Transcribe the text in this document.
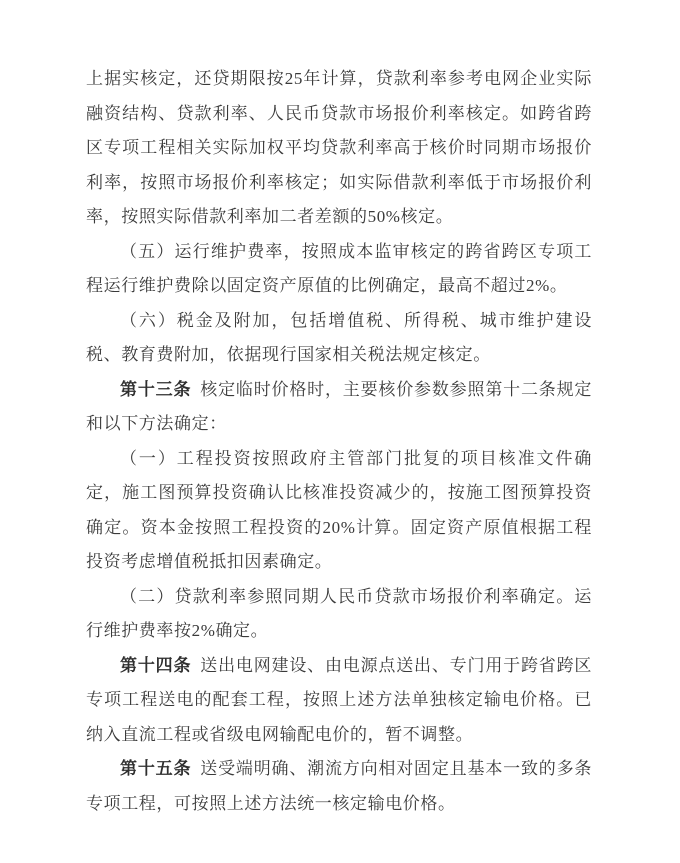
上据实核定，还贷期限按25年计算，贷款利率参考电网企业实际融资结构、贷款利率、人民币贷款市场报价利率核定。如跨省跨区专项工程相关实际加权平均贷款利率高于核价时同期市场报价利率，按照市场报价利率核定；如实际借款利率低于市场报价利率，按照实际借款利率加二者差额的50%核定。

（五）运行维护费率，按照成本监审核定的跨省跨区专项工程运行维护费除以固定资产原值的比例确定，最高不超过2%。

（六）税金及附加，包括增值税、所得税、城市维护建设税、教育费附加，依据现行国家相关税法规定核定。

第十三条 核定临时价格时，主要核价参数参照第十二条规定和以下方法确定：

（一）工程投资按照政府主管部门批复的项目核准文件确定，施工图预算投资确认比核准投资减少的，按施工图预算投资确定。资本金按照工程投资的20%计算。固定资产原值根据工程投资考虑增值税抵扣因素确定。

（二）贷款利率参照同期人民币贷款市场报价利率确定。运行维护费率按2%确定。

第十四条 送出电网建设、由电源点送出、专门用于跨省跨区专项工程送电的配套工程，按照上述方法单独核定输电价格。已纳入直流工程或省级电网输配电价的，暂不调整。

第十五条 送受端明确、潮流方向相对固定且基本一致的多条专项工程，可按照上述方法统一核定输电价格。
